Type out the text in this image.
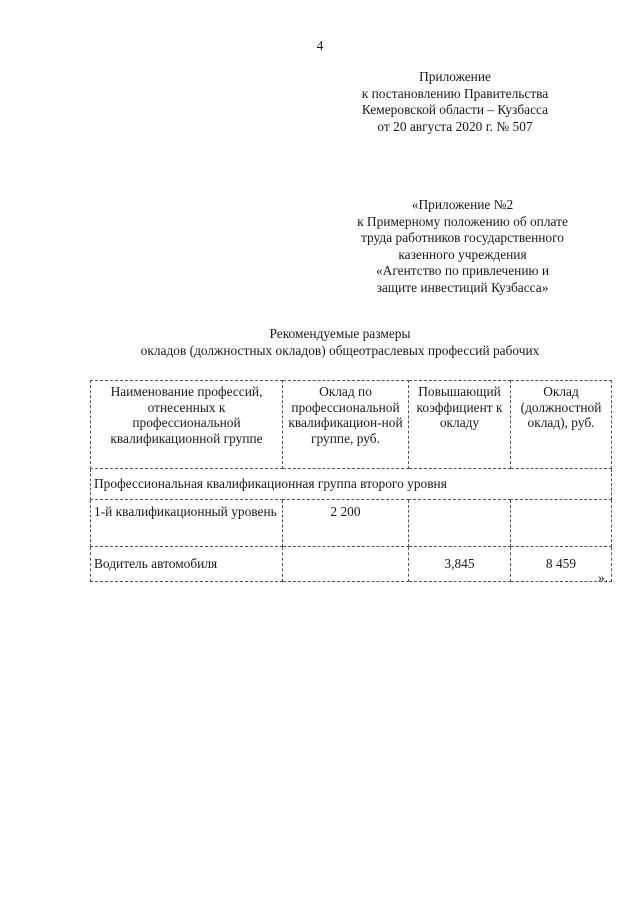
4
Приложение
к постановлению Правительства
Кемеровской области – Кузбасса
от 20 августа 2020 г. № 507
«Приложение №2
к Примерному положению об оплате
труда работников государственного
казенного учреждения
«Агентство по привлечению и
защите инвестиций Кузбасса»
Рекомендуемые размеры
окладов (должностных окладов) общеотраслевых профессий рабочих
Наименование профессий, отнесенных к профессиональной квалификационной группе	Оклад по профессиональной квалификацион-ной группе, руб.	Повышающий коэффициент к окладу	Оклад (должностной оклад), руб.
Профессиональная квалификационная группа второго уровня			
1-й квалификационный уровень	2 200		
Водитель автомобиля		3,845	8 459
».
